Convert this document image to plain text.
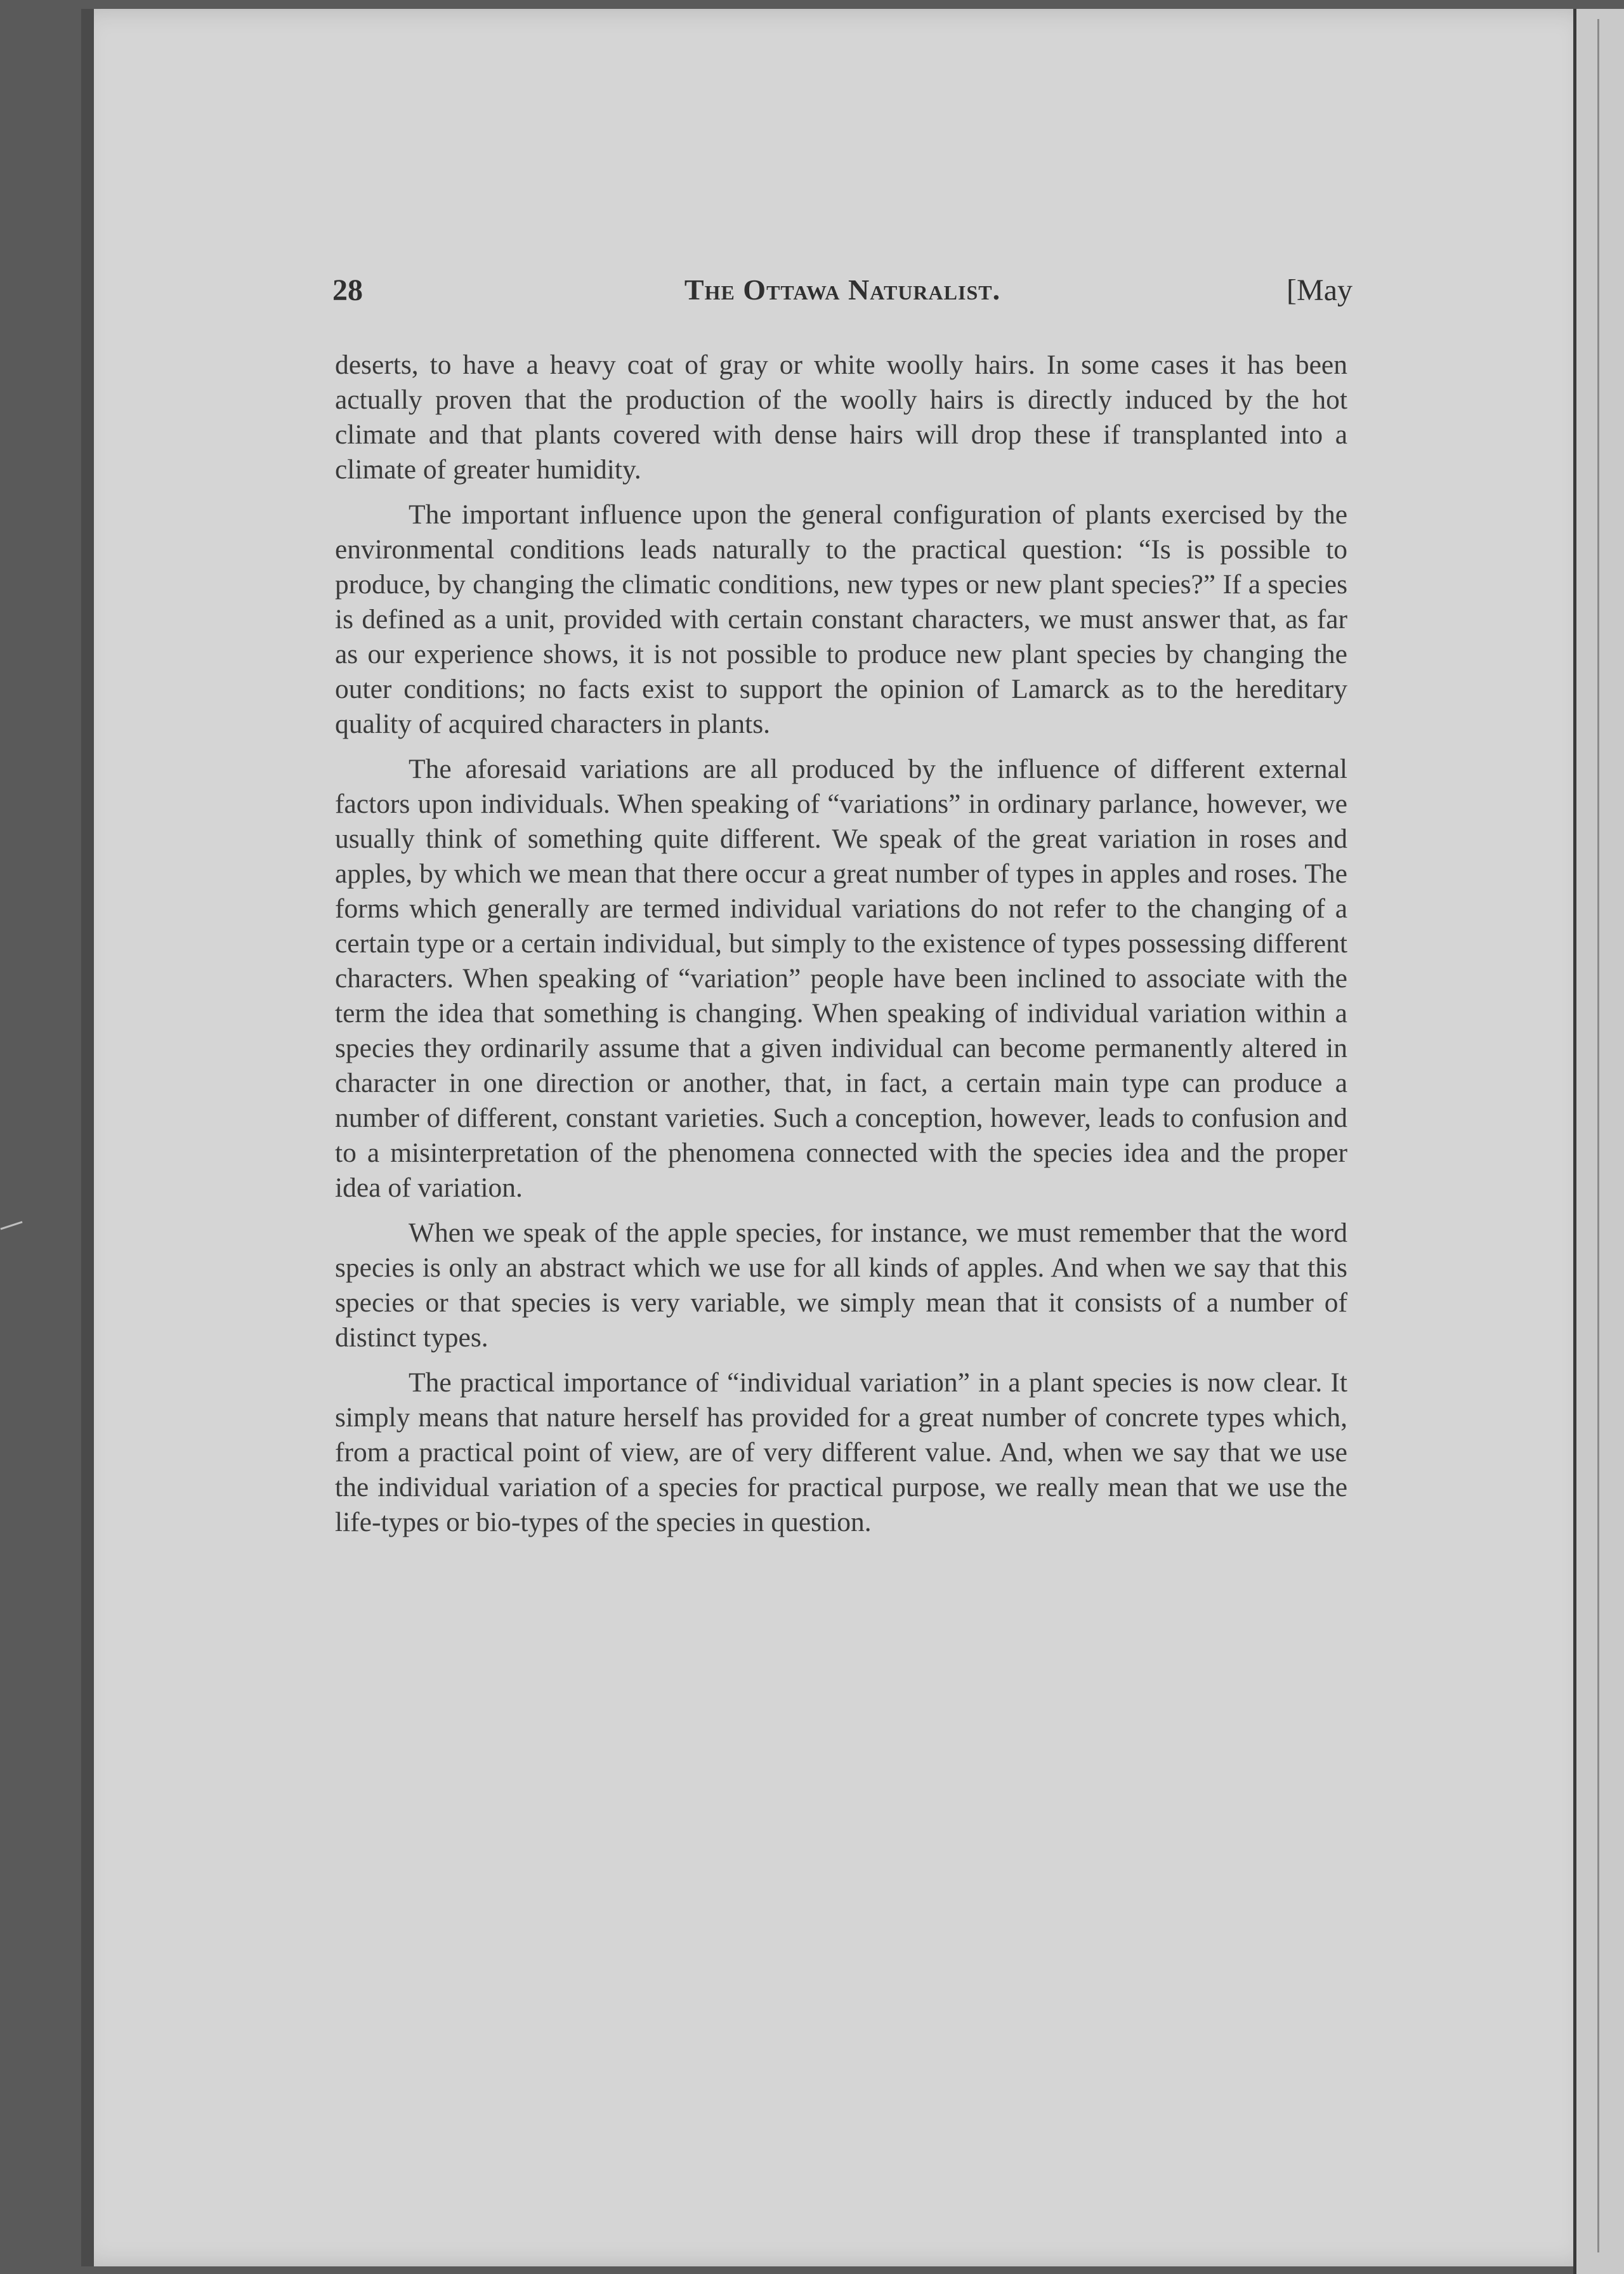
28	The Ottawa Naturalist.	[May

deserts, to have a heavy coat of gray or white woolly hairs. In some cases it has been actually proven that the production of the woolly hairs is directly induced by the hot climate and that plants covered with dense hairs will drop these if transplanted into a climate of greater humidity.

The important influence upon the general configuration of plants exercised by the environmental conditions leads naturally to the practical question: “Is is possible to produce, by changing the climatic conditions, new types or new plant species?” If a species is defined as a unit, provided with certain constant characters, we must answer that, as far as our experience shows, it is not possible to produce new plant species by changing the outer conditions; no facts exist to support the opinion of Lamarck as to the hereditary quality of acquired characters in plants.

The aforesaid variations are all produced by the influence of different external factors upon individuals. When speaking of “variations” in ordinary parlance, however, we usually think of something quite different. We speak of the great variation in roses and apples, by which we mean that there occur a great number of types in apples and roses. The forms which generally are termed individual variations do not refer to the changing of a certain type or a certain individual, but simply to the existence of types possessing different characters. When speaking of “variation” people have been inclined to associate with the term the idea that something is changing. When speaking of individual variation within a species they ordinarily assume that a given individual can become permanently altered in character in one direction or another, that, in fact, a certain main type can produce a number of different, constant varieties. Such a conception, however, leads to confusion and to a misinterpretation of the phenomena connected with the species idea and the proper idea of variation.

When we speak of the apple species, for instance, we must remember that the word species is only an abstract which we use for all kinds of apples. And when we say that this species or that species is very variable, we simply mean that it consists of a number of distinct types.

The practical importance of “individual variation” in a plant species is now clear. It simply means that nature herself has provided for a great number of concrete types which, from a practical point of view, are of very different value. And, when we say that we use the individual variation of a species for practical purpose, we really mean that we use the life-types or bio-types of the species in question.
